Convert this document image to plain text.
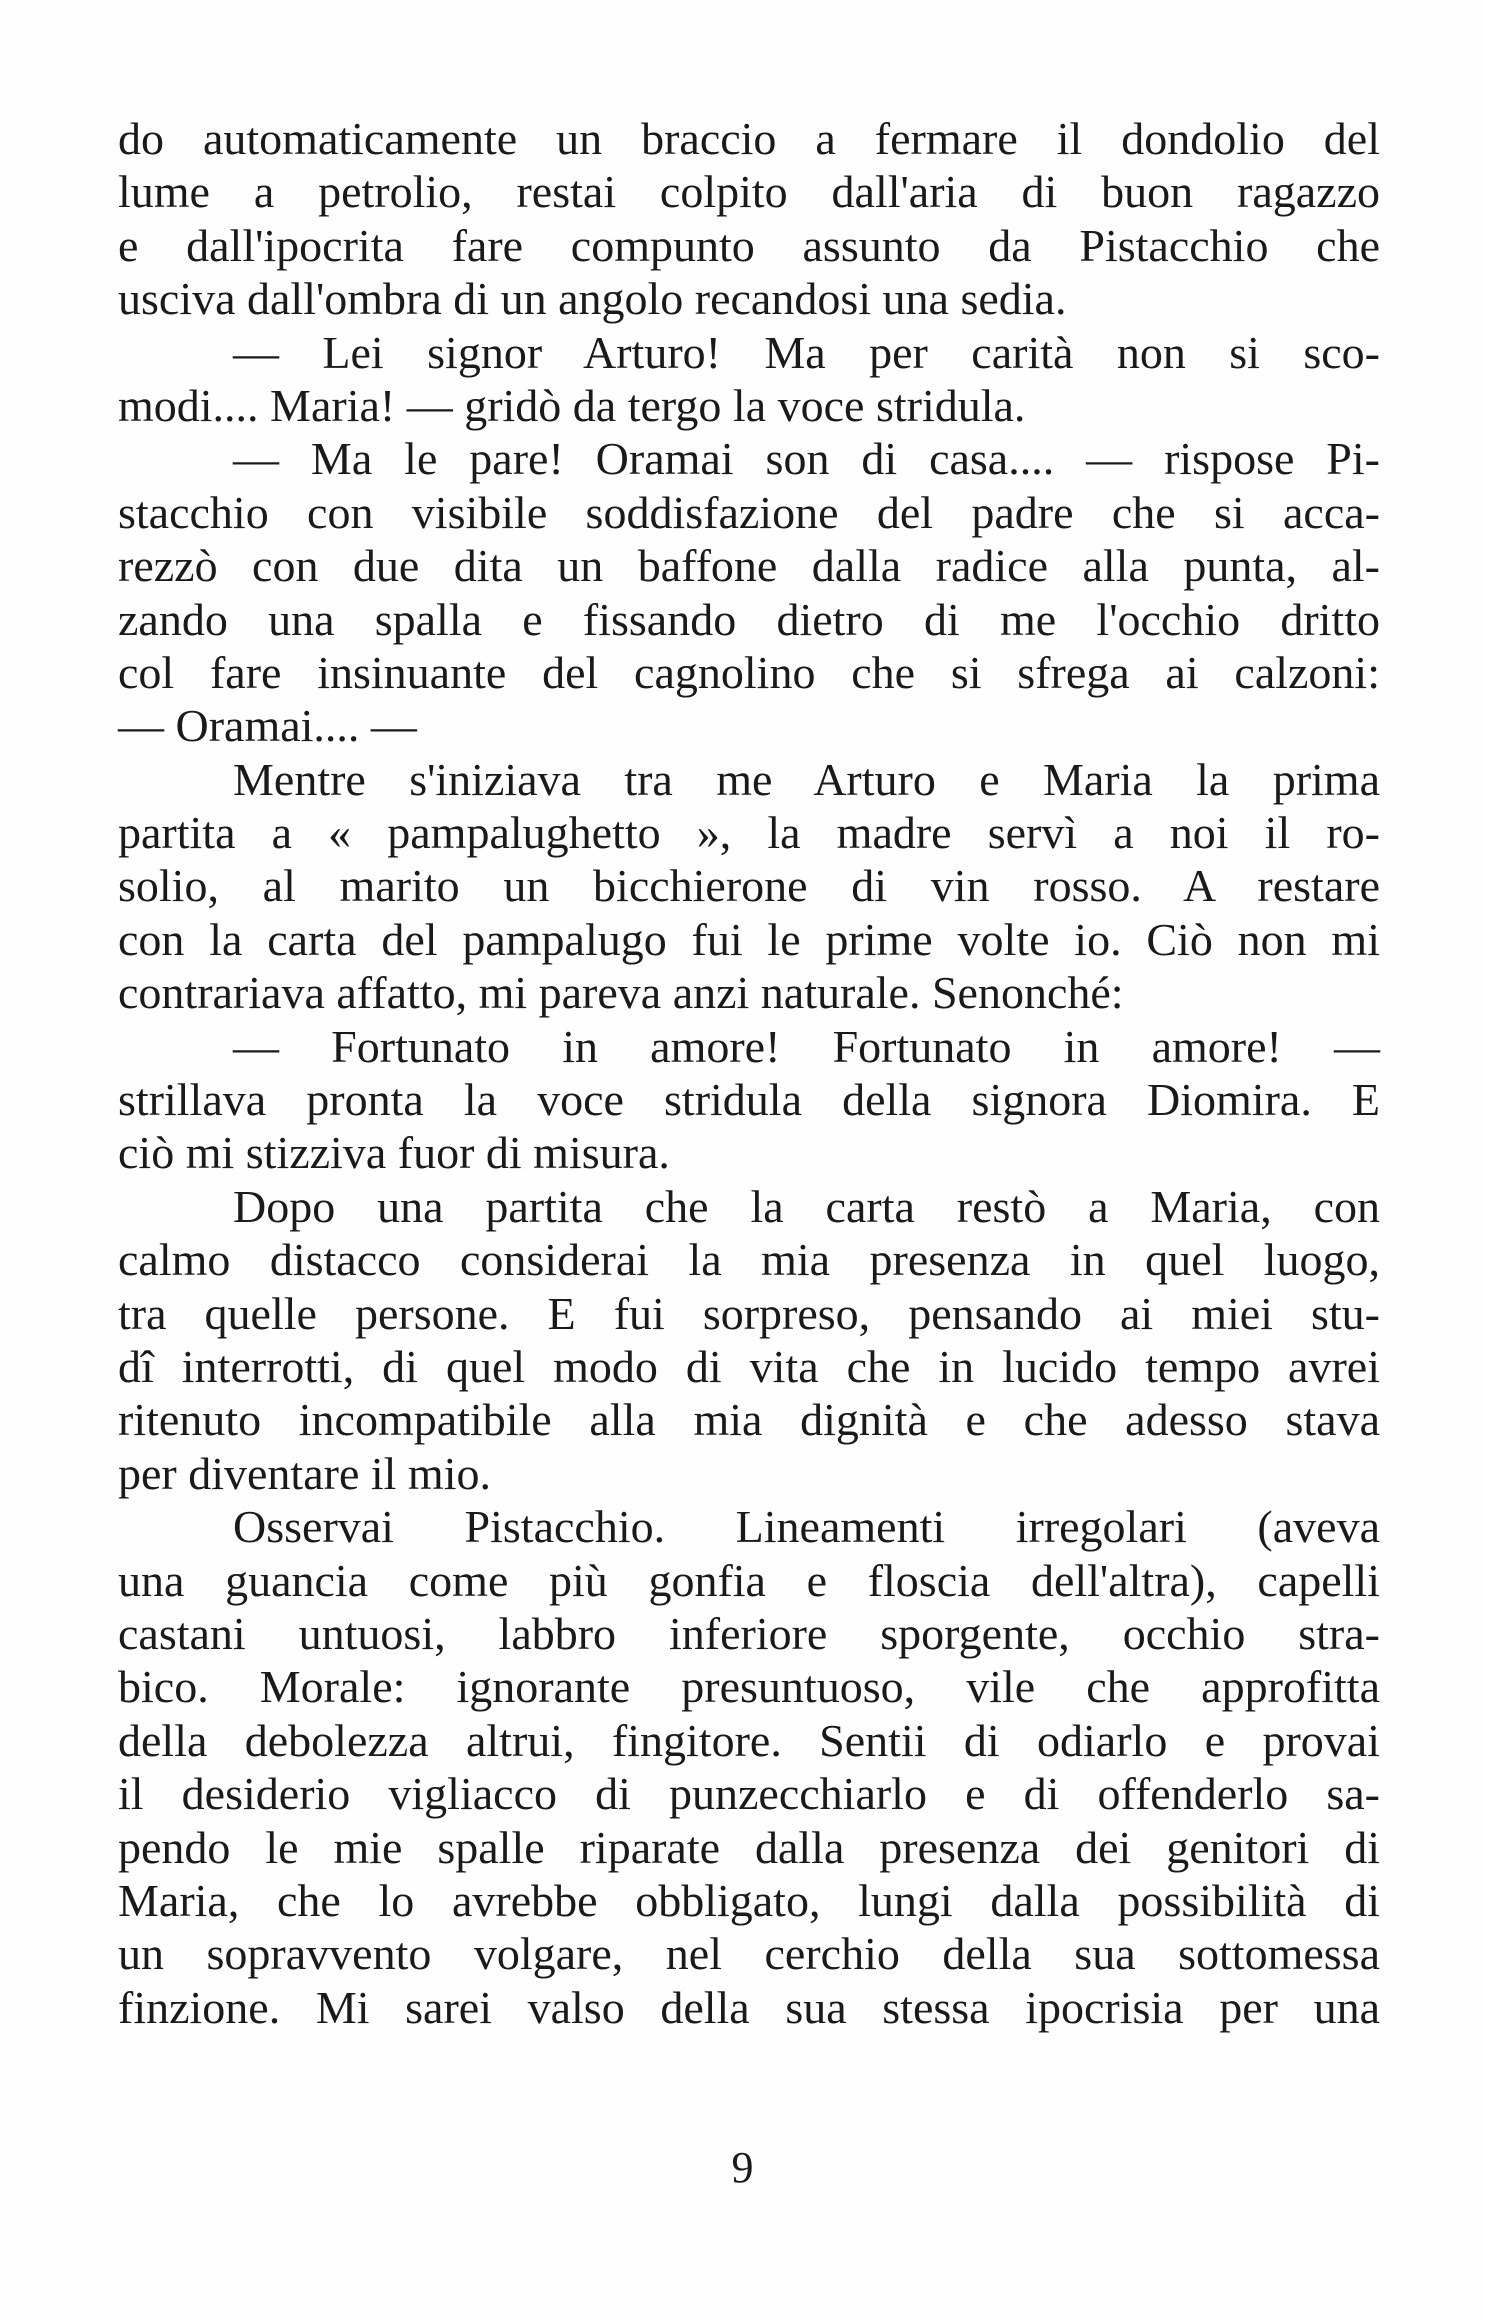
do automaticamente un braccio a fermare il dondolio del
lume a petrolio, restai colpito dall'aria di buon ragazzo
e dall'ipocrita fare compunto assunto da Pistacchio che
usciva dall'ombra di un angolo recandosi una sedia.
— Lei signor Arturo! Ma per carità non si sco-
modi.... Maria! — gridò da tergo la voce stridula.
— Ma le pare! Oramai son di casa.... — rispose Pi-
stacchio con visibile soddisfazione del padre che si acca-
rezzò con due dita un baffone dalla radice alla punta, al-
zando una spalla e fissando dietro di me l'occhio dritto
col fare insinuante del cagnolino che si sfrega ai calzoni:
— Oramai.... —
Mentre s'iniziava tra me Arturo e Maria la prima
partita a « pampalughetto », la madre servì a noi il ro-
solio, al marito un bicchierone di vin rosso. A restare
con la carta del pampalugo fui le prime volte io. Ciò non mi
contrariava affatto, mi pareva anzi naturale. Senonché:
— Fortunato in amore! Fortunato in amore! —
strillava pronta la voce stridula della signora Diomira. E
ciò mi stizziva fuor di misura.
Dopo una partita che la carta restò a Maria, con
calmo distacco considerai la mia presenza in quel luogo,
tra quelle persone. E fui sorpreso, pensando ai miei stu-
dî interrotti, di quel modo di vita che in lucido tempo avrei
ritenuto incompatibile alla mia dignità e che adesso stava
per diventare il mio.
Osservai Pistacchio. Lineamenti irregolari (aveva
una guancia come più gonfia e floscia dell'altra), capelli
castani untuosi, labbro inferiore sporgente, occhio stra-
bico. Morale: ignorante presuntuoso, vile che approfitta
della debolezza altrui, fingitore. Sentii di odiarlo e provai
il desiderio vigliacco di punzecchiarlo e di offenderlo sa-
pendo le mie spalle riparate dalla presenza dei genitori di
Maria, che lo avrebbe obbligato, lungi dalla possibilità di
un sopravvento volgare, nel cerchio della sua sottomessa
finzione. Mi sarei valso della sua stessa ipocrisia per una
9
